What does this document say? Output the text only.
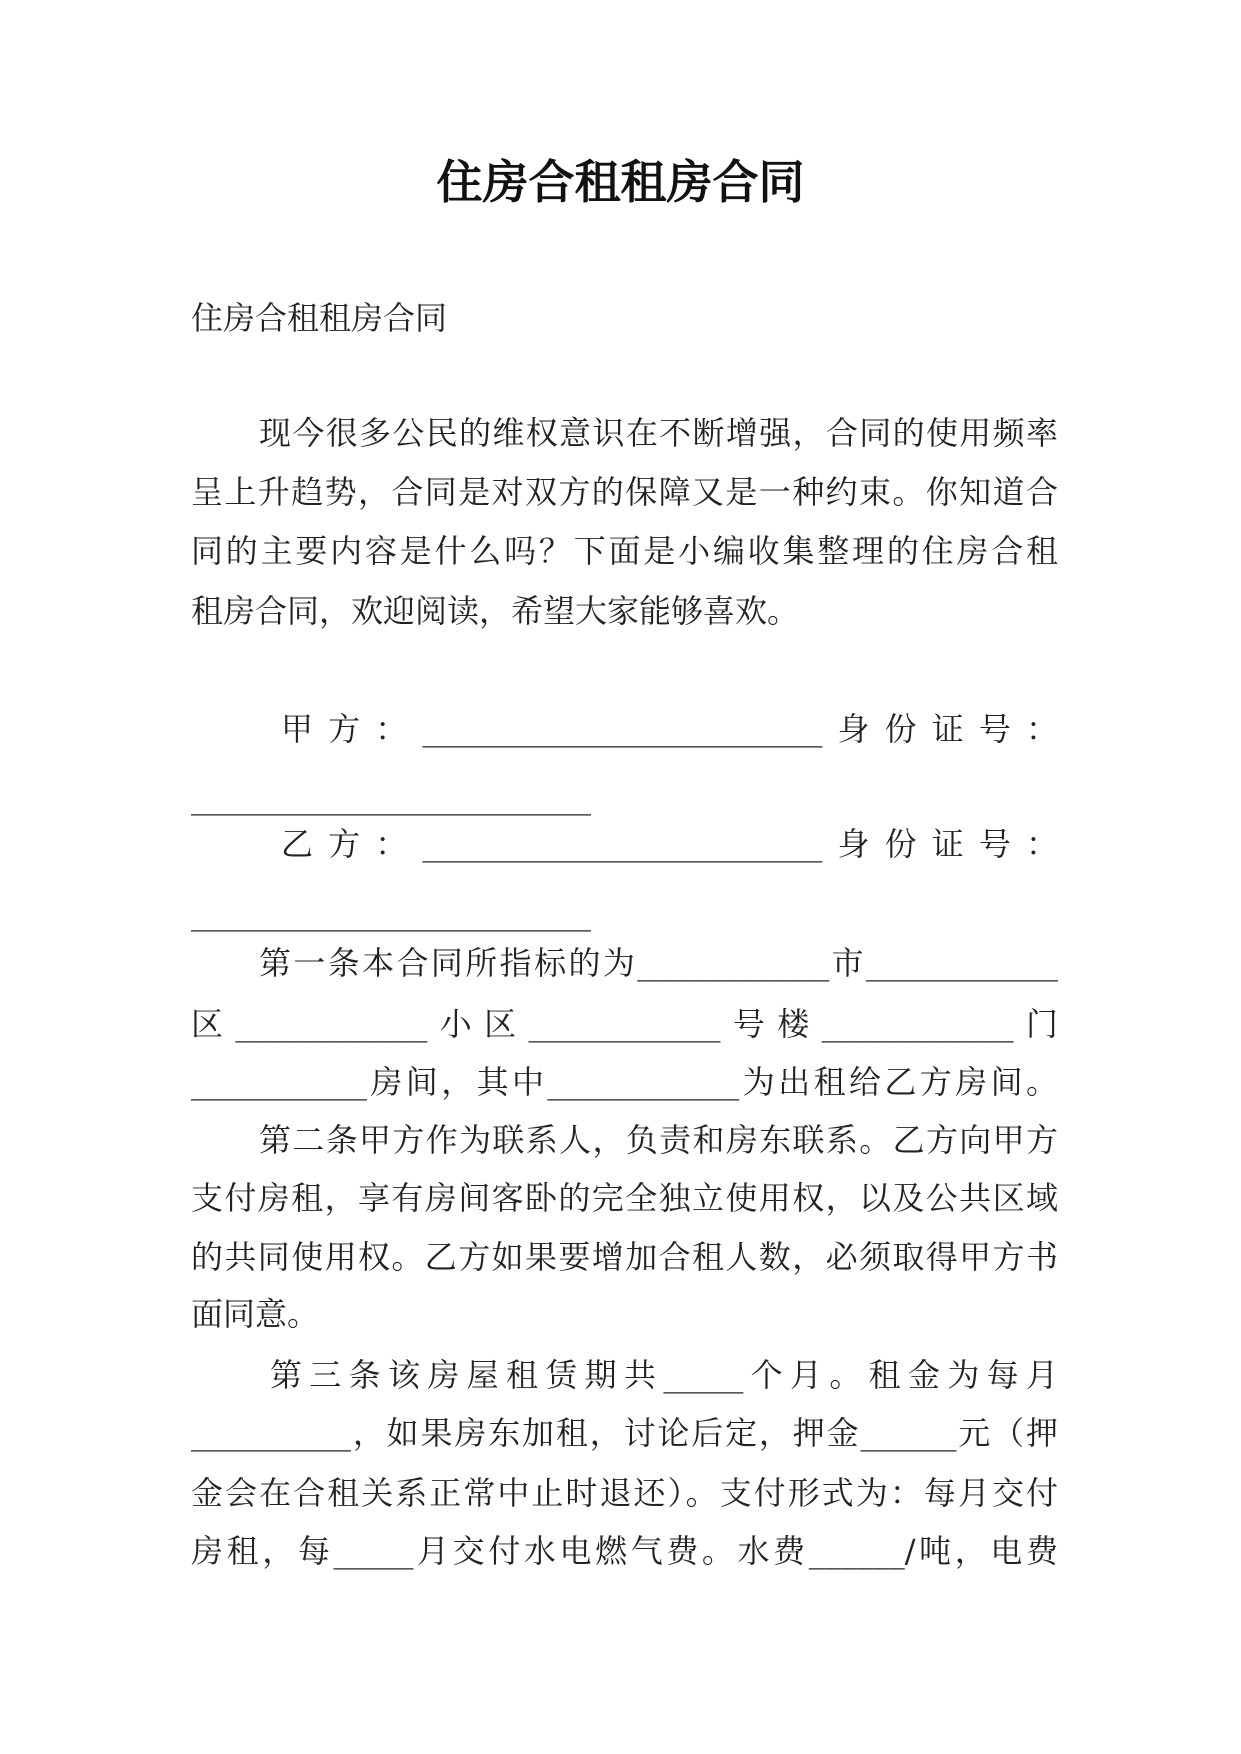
住房合租租房合同
住房合租租房合同
现今很多公民的维权意识在不断增强，合同的使用频率
呈上升趋势，合同是对双方的保障又是一种约束。你知道合
同的主要内容是什么吗？下面是小编收集整理的住房合租
租房合同，欢迎阅读，希望大家能够喜欢。
甲方：_________________________身份证号：
_________________________
乙方：_________________________身份证号：
_________________________
第一条本合同所指标的为____________市____________
区____________小区____________号楼____________门
___________房间，其中____________为出租给乙方房间。
第二条甲方作为联系人，负责和房东联系。乙方向甲方
支付房租，享有房间客卧的完全独立使用权，以及公共区域
的共同使用权。乙方如果要增加合租人数，必须取得甲方书
面同意。
第三条该房屋租赁期共_____个月。租金为每月
__________，如果房东加租，讨论后定，押金______元（押
金会在合租关系正常中止时退还）。支付形式为：每月交付
房租，每_____月交付水电燃气费。水费______/吨，电费
